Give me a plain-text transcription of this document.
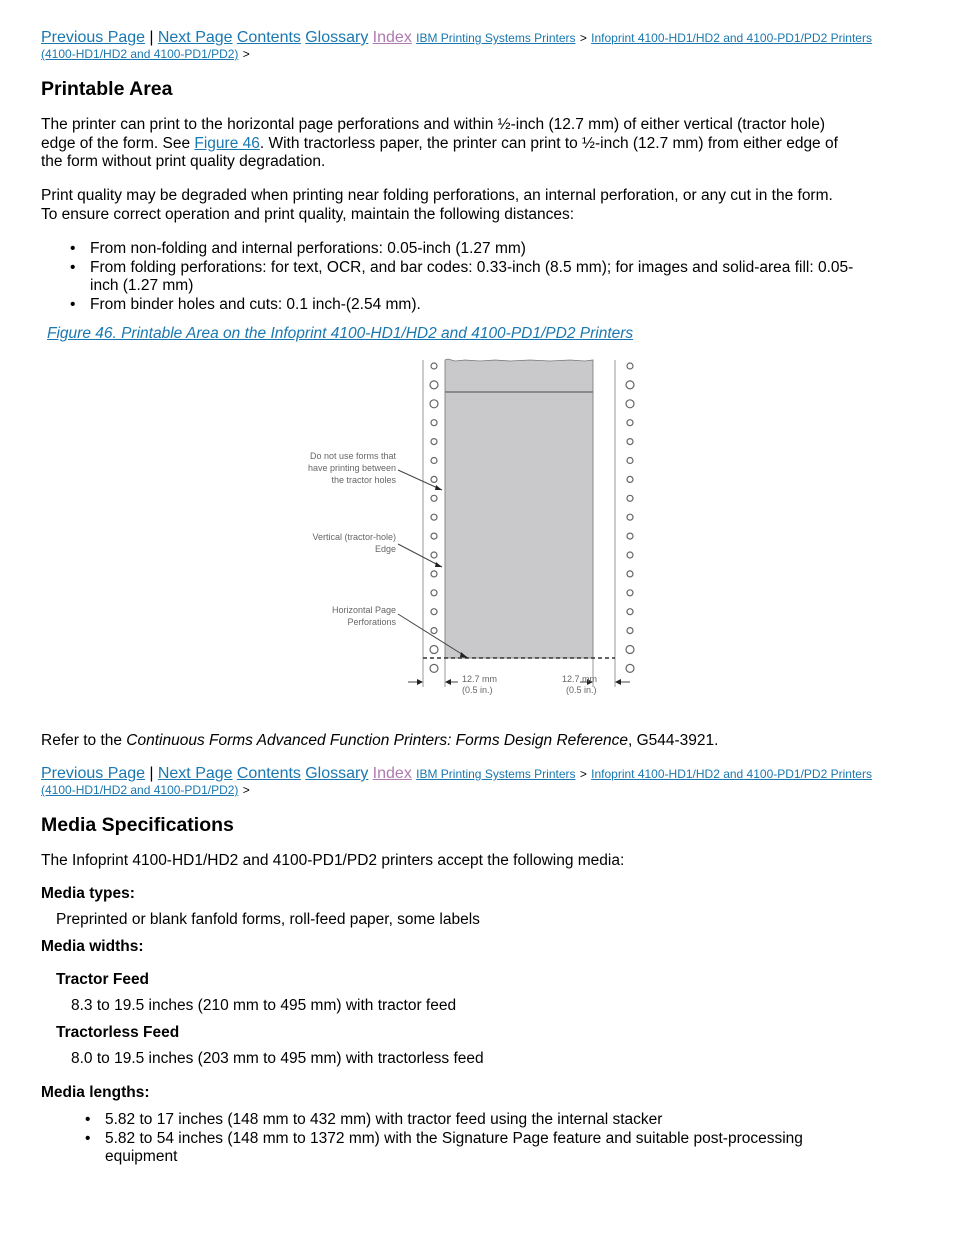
Previous Page | Next Page Contents Glossary Index IBM Printing Systems Printers > Infoprint 4100-HD1/HD2 and 4100-PD1/PD2 Printers
(4100-HD1/HD2 and 4100-PD1/PD2) >
Printable Area

The printer can print to the horizontal page perforations and within ½-inch (12.7 mm) of either vertical (tractor hole)

edge of the form. See Figure 46. With tractorless paper, the printer can print to ½-inch (12.7 mm) from either edge of

the form without print quality degradation.

Print quality may be degraded when printing near folding perforations, an internal perforation, or any cut in the form.

To ensure correct operation and print quality, maintain the following distances:

• From non-folding and internal perforations: 0.05-inch (1.27 mm)
• From folding perforations: for text, OCR, and bar codes: 0.33-inch (8.5 mm); for images and solid-area fill: 0.05-
inch (1.27 mm)
• From binder holes and cuts: 0.1 inch-(2.54 mm).
Figure 46. Printable Area on the Infoprint 4100-HD1/HD2 and 4100-PD1/PD2 Printers
Do not use forms that
have printing between
the tractor holes
Vertical (tractor-hole)
Edge
Horizontal Page
Perforations
12.7 mm
(0.5 in.)
12.7 mm
(0.5 in.)

Refer to the Continuous Forms Advanced Function Printers: Forms Design Reference, G544-3921.

Previous Page | Next Page Contents Glossary Index IBM Printing Systems Printers > Infoprint 4100-HD1/HD2 and 4100-PD1/PD2 Printers
(4100-HD1/HD2 and 4100-PD1/PD2) >
Media Specifications

The Infoprint 4100-HD1/HD2 and 4100-PD1/PD2 printers accept the following media:

Media types:

Preprinted or blank fanfold forms, roll-feed paper, some labels

Media widths:

Tractor Feed

8.3 to 19.5 inches (210 mm to 495 mm) with tractor feed

Tractorless Feed

8.0 to 19.5 inches (203 mm to 495 mm) with tractorless feed

Media lengths:

• 5.82 to 17 inches (148 mm to 432 mm) with tractor feed using the internal stacker
• 5.82 to 54 inches (148 mm to 1372 mm) with the Signature Page feature and suitable post-processing
equipment
